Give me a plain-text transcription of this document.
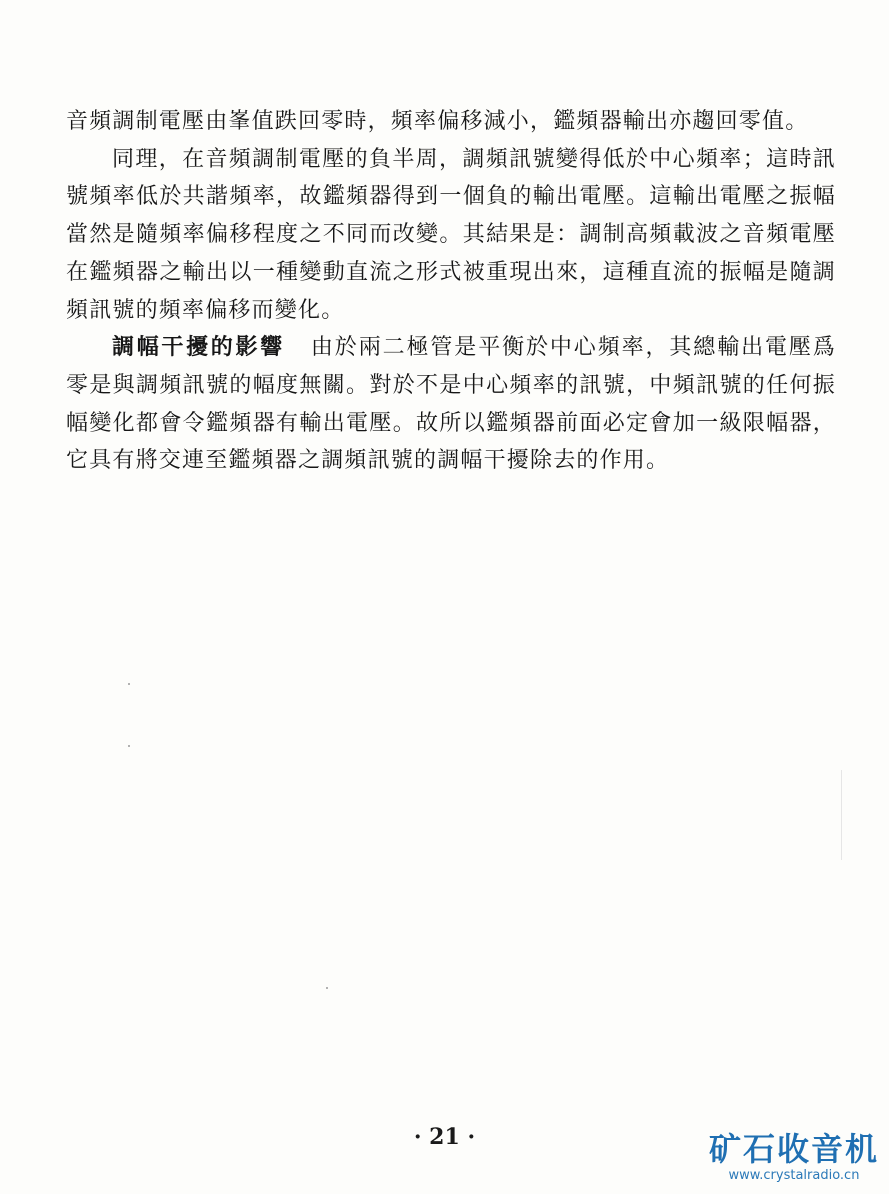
音頻調制電壓由峯值跌回零時，頻率偏移減小，鑑頻器輸出亦趨回零值。

同理，在音頻調制電壓的負半周，調頻訊號變得低於中心頻率；這時訊號頻率低於共諧頻率，故鑑頻器得到一個負的輸出電壓。這輸出電壓之振幅當然是隨頻率偏移程度之不同而改變。其結果是：調制高頻載波之音頻電壓在鑑頻器之輸出以一種變動直流之形式被重現出來，這種直流的振幅是隨調頻訊號的頻率偏移而變化。

調幅干擾的影響 由於兩二極管是平衡於中心頻率，其總輸出電壓爲零是與調頻訊號的幅度無關。對於不是中心頻率的訊號，中頻訊號的任何振幅變化都會令鑑頻器有輸出電壓。故所以鑑頻器前面必定會加一級限幅器，它具有將交連至鑑頻器之調頻訊號的調幅干擾除去的作用。

· 21 ·	矿石收音机
www.crystalradio.cn
